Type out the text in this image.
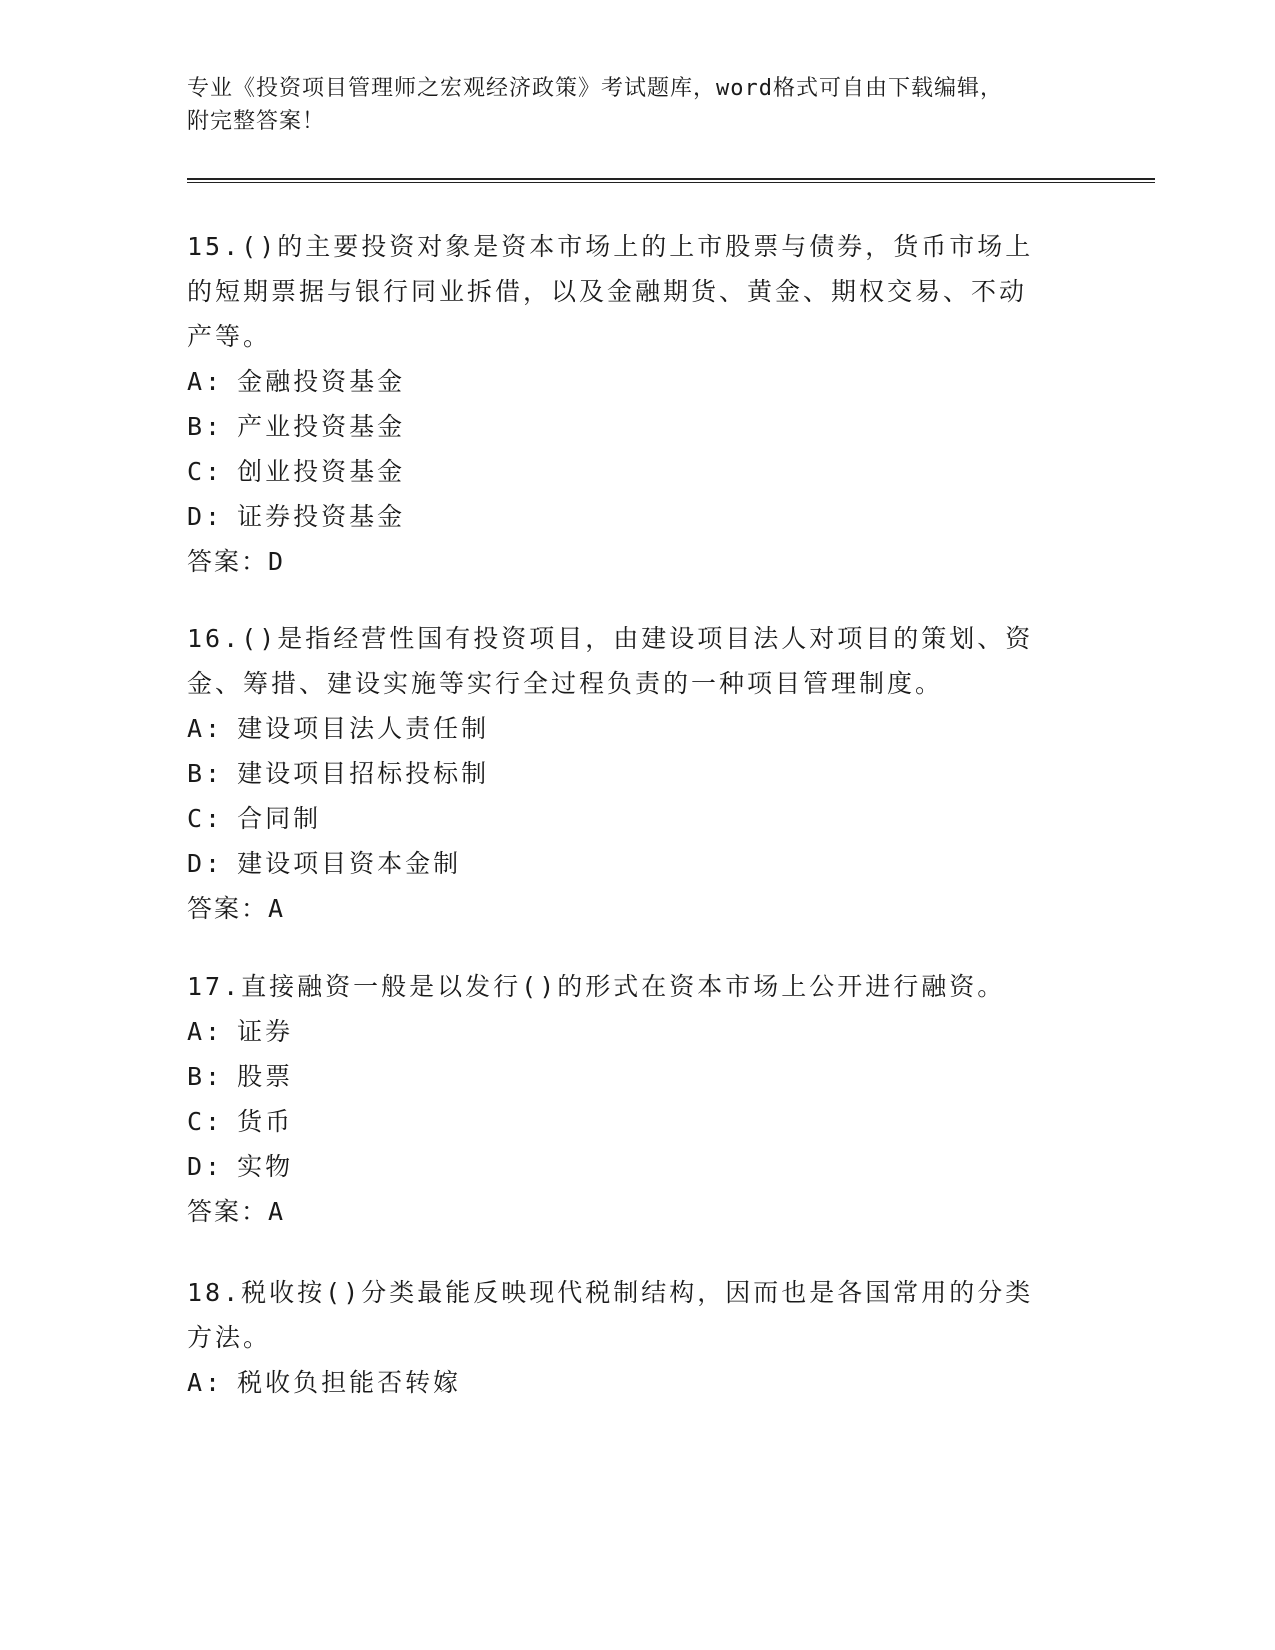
专业《投资项目管理师之宏观经济政策》考试题库，word格式可自由下载编辑，
附完整答案！

15.()的主要投资对象是资本市场上的上市股票与债券，货币市场上的短期票据与银行同业拆借，以及金融期货、黄金、期权交易、不动产等。

A: 金融投资基金

B: 产业投资基金

C: 创业投资基金

D: 证券投资基金

答案：D

16.()是指经营性国有投资项目，由建设项目法人对项目的策划、资金、筹措、建设实施等实行全过程负责的一种项目管理制度。

A: 建设项目法人责任制

B: 建设项目招标投标制

C: 合同制

D: 建设项目资本金制

答案：A

17.直接融资一般是以发行()的形式在资本市场上公开进行融资。

A: 证券

B: 股票

C: 货币

D: 实物

答案：A

18.税收按()分类最能反映现代税制结构，因而也是各国常用的分类方法。

A: 税收负担能否转嫁
